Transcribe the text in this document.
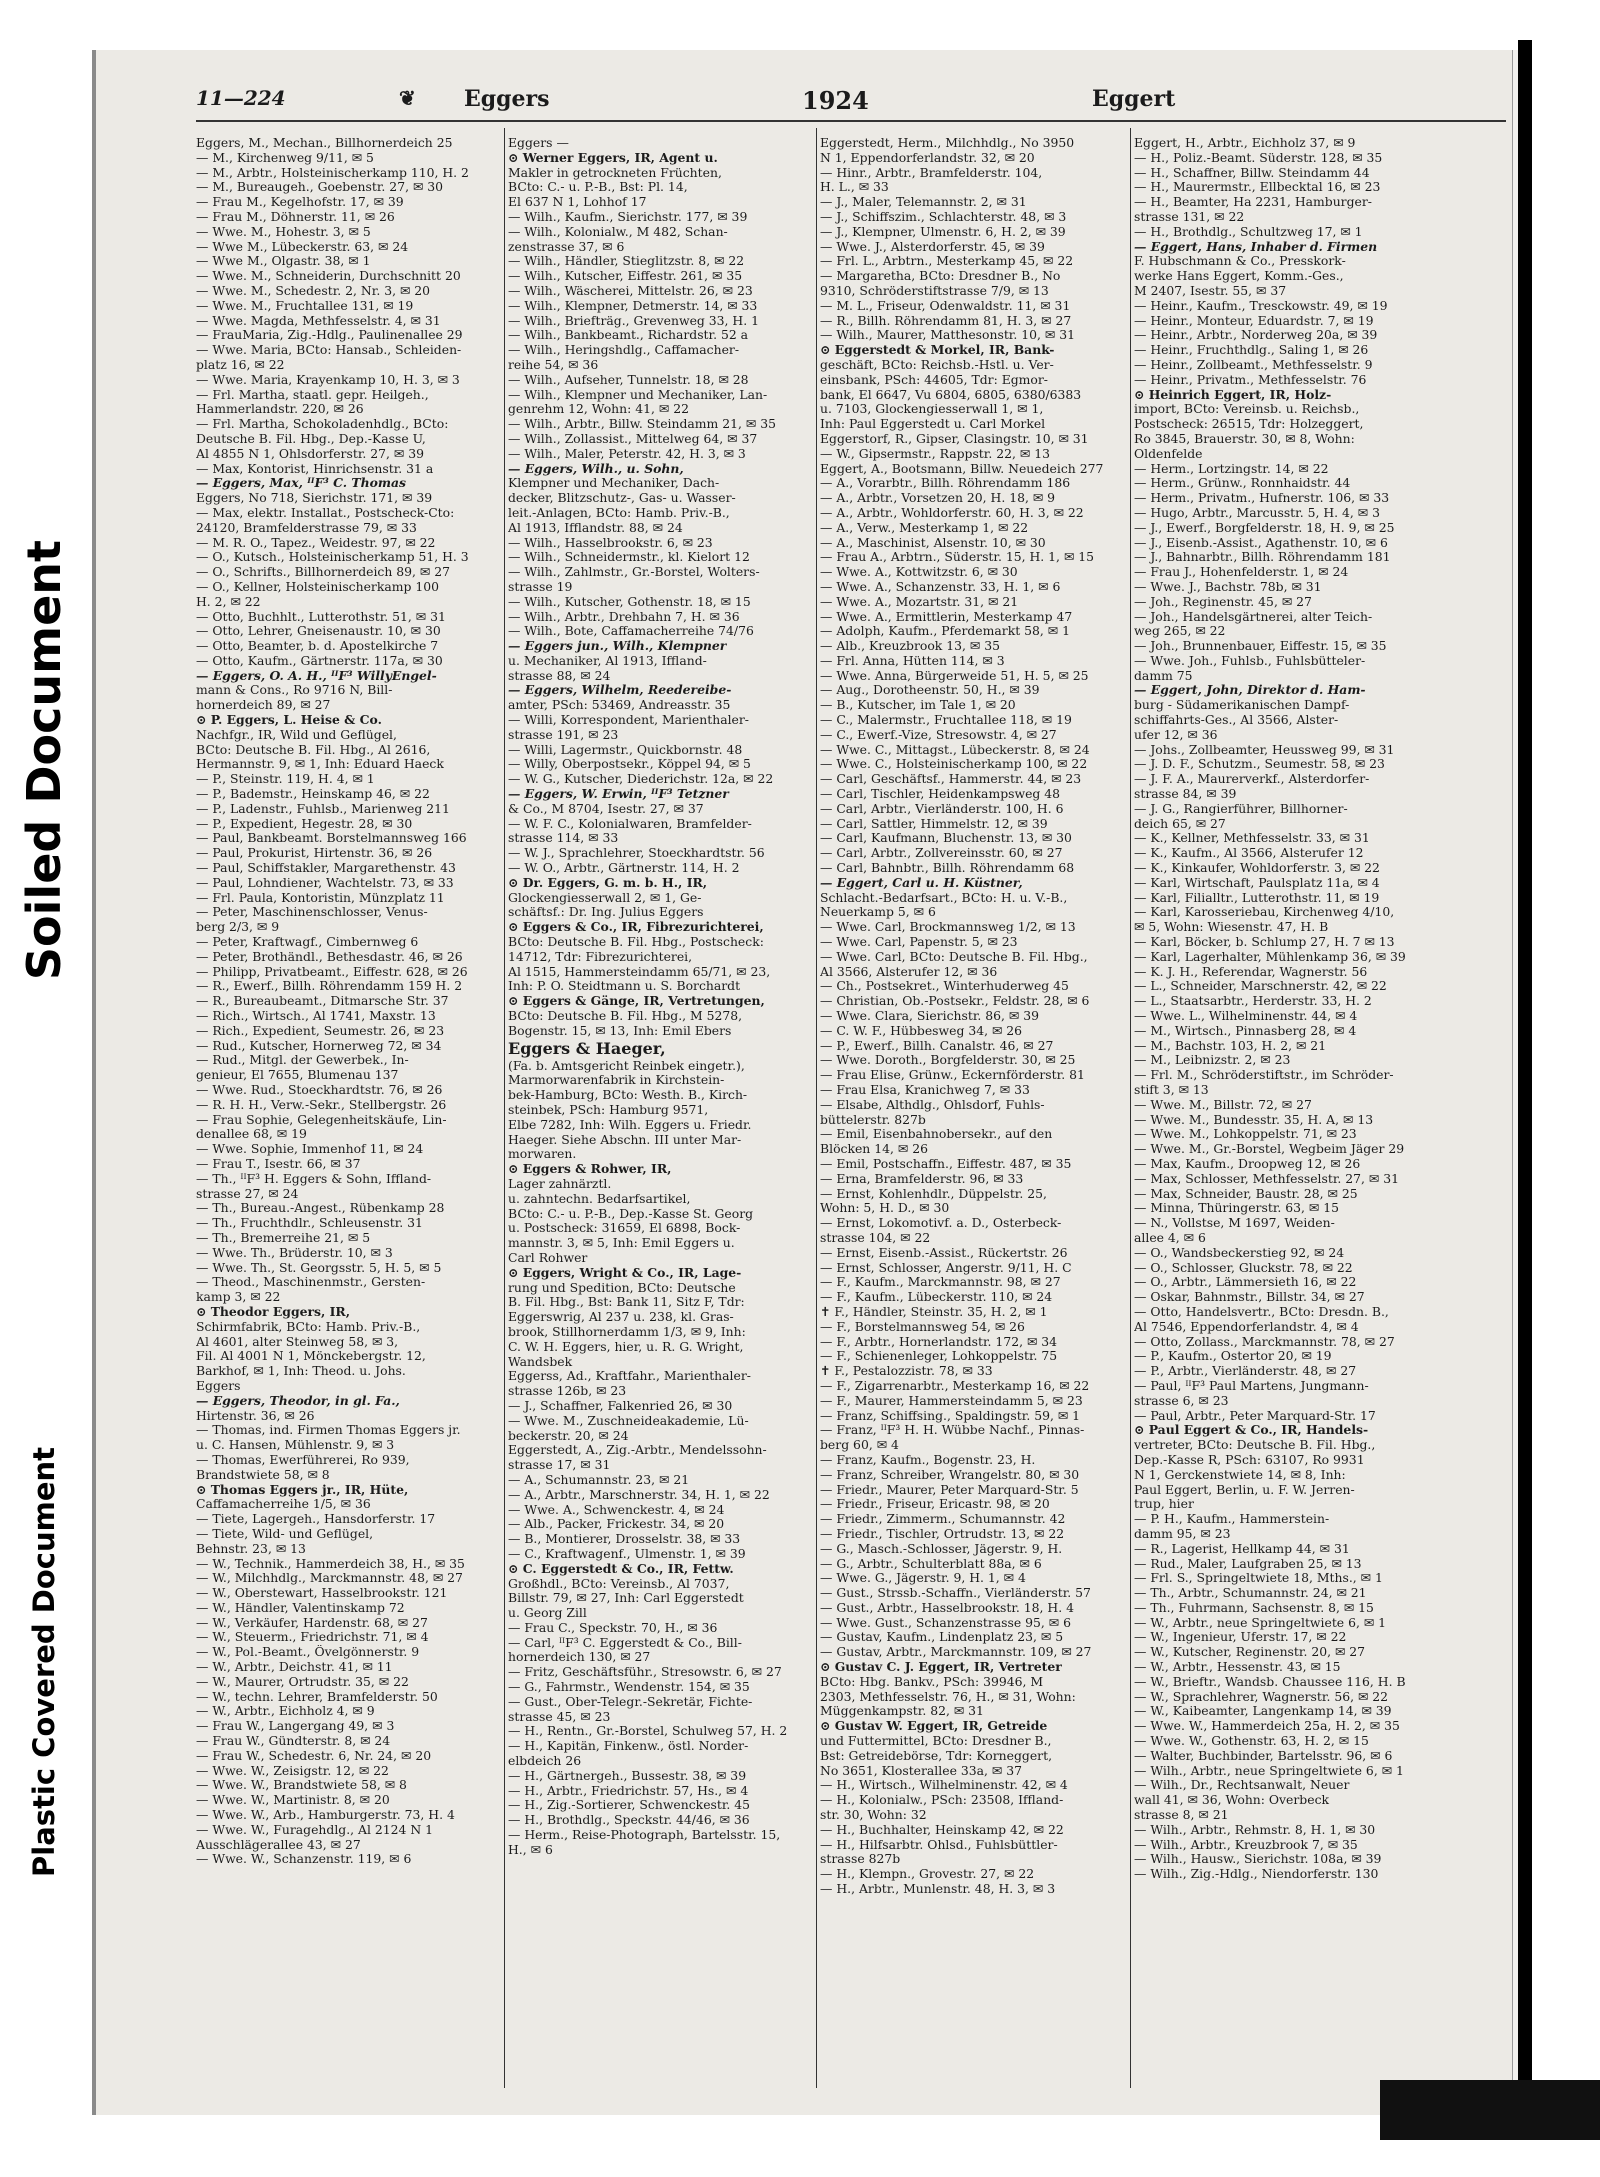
Soiled Document
Plastic Covered Document
11—224	❦ Eggers	1924	Eggert
Eggers, M., Mechan., Billhornerdeich 25
— M., Kirchenweg 9/11, ✉ 5
— M., Arbtr., Holsteinischerkamp 110, H. 2
— M., Bureaugeh., Goebenstr. 27, ✉ 30
— Frau M., Kegelhofstr. 17, ✉ 39
— Frau M., Döhnerstr. 11, ✉ 26
— Wwe. M., Hohestr. 3, ✉ 5
— Wwe M., Lübeckerstr. 63, ✉ 24
— Wwe M., Olgastr. 38, ✉ 1
— Wwe. M., Schneiderin, Durchschnitt 20
— Wwe. M., Schedestr. 2, Nr. 3, ✉ 20
— Wwe. M., Fruchtallee 131, ✉ 19
— Wwe. Magda, Methfesselstr. 4, ✉ 31
— FrauMaria, Zig.-Hdlg., Paulinenallee 29
— Wwe. Maria, BCto: Hansab., Schleiden-
platz 16, ✉ 22
— Wwe. Maria, Krayenkamp 10, H. 3, ✉ 3
— Frl. Martha, staatl. gepr. Heilgeh.,
Hammerlandstr. 220, ✉ 26
— Frl. Martha, Schokoladenhdlg., BCto:
Deutsche B. Fil. Hbg., Dep.-Kasse U,
Al 4855 N 1, Ohlsdorferstr. 27, ✉ 39
— Max, Kontorist, Hinrichsenstr. 31 a
— Eggers, Max, ᴵᴵF³ C. Thomas
Eggers, No 718, Sierichstr. 171, ✉ 39
— Max, elektr. Installat., Postscheck-Cto:
24120, Bramfelderstrasse 79, ✉ 33
— M. R. O., Tapez., Weidestr. 97, ✉ 22
— O., Kutsch., Holsteinischerkamp 51, H. 3
— O., Schrifts., Billhornerdeich 89, ✉ 27
— O., Kellner, Holsteinischerkamp 100
H. 2, ✉ 22
— Otto, Buchhlt., Lutterothstr. 51, ✉ 31
— Otto, Lehrer, Gneisenaustr. 10, ✉ 30
— Otto, Beamter, b. d. Apostelkirche 7
— Otto, Kaufm., Gärtnerstr. 117a, ✉ 30
— Eggers, O. A. H., ᴵᴵF³ WillyEngel-
mann & Cons., Ro 9716 N, Bill-
hornerdeich 89, ✉ 27
⊙ P. Eggers, L. Heise & Co.
Nachfgr., IR, Wild und Geflügel,
BCto: Deutsche B. Fil. Hbg., Al 2616,
Hermannstr. 9, ✉ 1, Inh: Eduard Haeck
— P., Steinstr. 119, H. 4, ✉ 1
— P., Bademstr., Heinskamp 46, ✉ 22
— P., Ladenstr., Fuhlsb., Marienweg 211
— P., Expedient, Hegestr. 28, ✉ 30
— Paul, Bankbeamt. Borstelmannsweg 166
— Paul, Prokurist, Hirtenstr. 36, ✉ 26
— Paul, Schiffstakler, Margarethenstr. 43
— Paul, Lohndiener, Wachtelstr. 73, ✉ 33
— Frl. Paula, Kontoristin, Münzplatz 11
— Peter, Maschinenschlosser, Venus-
berg 2/3, ✉ 9
— Peter, Kraftwagf., Cimbernweg 6
— Peter, Brothändl., Bethesdastr. 46, ✉ 26
— Philipp, Privatbeamt., Eiffestr. 628, ✉ 26
— R., Ewerf., Billh. Röhrendamm 159 H. 2
— R., Bureaubeamt., Ditmarsche Str. 37
— Rich., Wirtsch., Al 1741, Maxstr. 13
— Rich., Expedient, Seumestr. 26, ✉ 23
— Rud., Kutscher, Hornerweg 72, ✉ 34
— Rud., Mitgl. der Gewerbek., In-
genieur, El 7655, Blumenau 137
— Wwe. Rud., Stoeckhardtstr. 76, ✉ 26
— R. H. H., Verw.-Sekr., Stellbergstr. 26
— Frau Sophie, Gelegenheitskäufe, Lin-
denallee 68, ✉ 19
— Wwe. Sophie, Immenhof 11, ✉ 24
— Frau T., Isestr. 66, ✉ 37
— Th., ᴵᴵF³ H. Eggers & Sohn, Iffland-
strasse 27, ✉ 24
— Th., Bureau.-Angest., Rübenkamp 28
— Th., Fruchthdlr., Schleusenstr. 31
— Th., Bremerreihe 21, ✉ 5
— Wwe. Th., Brüderstr. 10, ✉ 3
— Wwe. Th., St. Georgsstr. 5, H. 5, ✉ 5
— Theod., Maschinenmstr., Gersten-
kamp 3, ✉ 22
⊙ Theodor Eggers, IR,
Schirmfabrik, BCto: Hamb. Priv.-B.,
Al 4601, alter Steinweg 58, ✉ 3,
Fil. Al 4001 N 1, Mönckebergstr. 12,
Barkhof, ✉ 1, Inh: Theod. u. Johs.
Eggers
— Eggers, Theodor, in gl. Fa.,
Hirtenstr. 36, ✉ 26
— Thomas, ind. Firmen Thomas Eggers jr.
u. C. Hansen, Mühlenstr. 9, ✉ 3
— Thomas, Ewerführerei, Ro 939,
Brandstwiete 58, ✉ 8
⊙ Thomas Eggers jr., IR, Hüte,
Caffamacherreihe 1/5, ✉ 36
— Tiete, Lagergeh., Hansdorferstr. 17
— Tiete, Wild- und Geflügel,
Behnstr. 23, ✉ 13
— W., Technik., Hammerdeich 38, H., ✉ 35
— W., Milchhdlg., Marckmannstr. 48, ✉ 27
— W., Oberstewart, Hasselbrookstr. 121
— W., Händler, Valentinskamp 72
— W., Verkäufer, Hardenstr. 68, ✉ 27
— W., Steuerm., Friedrichstr. 71, ✉ 4
— W., Pol.-Beamt., Övelgönnerstr. 9
— W., Arbtr., Deichstr. 41, ✉ 11
— W., Maurer, Ortrudstr. 35, ✉ 22
— W., techn. Lehrer, Bramfelderstr. 50
— W., Arbtr., Eichholz 4, ✉ 9
— Frau W., Langergang 49, ✉ 3
— Frau W., Gündterstr. 8, ✉ 24
— Frau W., Schedestr. 6, Nr. 24, ✉ 20
— Wwe. W., Zeisigstr. 12, ✉ 22
— Wwe. W., Brandstwiete 58, ✉ 8
— Wwe. W., Martinistr. 8, ✉ 20
— Wwe. W., Arb., Hamburgerstr. 73, H. 4
— Wwe. W., Furagehdlg., Al 2124 N 1
Ausschlägerallee 43, ✉ 27
— Wwe. W., Schanzenstr. 119, ✉ 6
Eggers —
⊙ Werner Eggers, IR, Agent u.
Makler in getrockneten Früchten,
BCto: C.- u. P.-B., Bst: Pl. 14,
El 637 N 1, Lohhof 17
— Wilh., Kaufm., Sierichstr. 177, ✉ 39
— Wilh., Kolonialw., M 482, Schan-
zenstrasse 37, ✉ 6
— Wilh., Händler, Stieglitzstr. 8, ✉ 22
— Wilh., Kutscher, Eiffestr. 261, ✉ 35
— Wilh., Wäscherei, Mittelstr. 26, ✉ 23
— Wilh., Klempner, Detmerstr. 14, ✉ 33
— Wilh., Briefträg., Grevenweg 33, H. 1
— Wilh., Bankbeamt., Richardstr. 52 a
— Wilh., Heringshdlg., Caffamacher-
reihe 54, ✉ 36
— Wilh., Aufseher, Tunnelstr. 18, ✉ 28
— Wilh., Klempner und Mechaniker, Lan-
genrehm 12, Wohn: 41, ✉ 22
— Wilh., Arbtr., Billw. Steindamm 21, ✉ 35
— Wilh., Zollassist., Mittelweg 64, ✉ 37
— Wilh., Maler, Peterstr. 42, H. 3, ✉ 3
— Eggers, Wilh., u. Sohn,
Klempner und Mechaniker, Dach-
decker, Blitzschutz-, Gas- u. Wasser-
leit.-Anlagen, BCto: Hamb. Priv.-B.,
Al 1913, Ifflandstr. 88, ✉ 24
— Wilh., Hasselbrookstr. 6, ✉ 23
— Wilh., Schneidermstr., kl. Kielort 12
— Wilh., Zahlmstr., Gr.-Borstel, Wolters-
strasse 19
— Wilh., Kutscher, Gothenstr. 18, ✉ 15
— Wilh., Arbtr., Drehbahn 7, H. ✉ 36
— Wilh., Bote, Caffamacherreihe 74/76
— Eggers jun., Wilh., Klempner
u. Mechaniker, Al 1913, Iffland-
strasse 88, ✉ 24
— Eggers, Wilhelm, Reedereibe-
amter, PSch: 53469, Andreasstr. 35
— Willi, Korrespondent, Marienthaler-
strasse 191, ✉ 23
— Willi, Lagermstr., Quickbornstr. 48
— Willy, Oberpostsekr., Köppel 94, ✉ 5
— W. G., Kutscher, Diederichstr. 12a, ✉ 22
— Eggers, W. Erwin, ᴵᴵF³ Tetzner
& Co., M 8704, Isestr. 27, ✉ 37
— W. F. C., Kolonialwaren, Bramfelder-
strasse 114, ✉ 33
— W. J., Sprachlehrer, Stoeckhardtstr. 56
— W. O., Arbtr., Gärtnerstr. 114, H. 2
⊙ Dr. Eggers, G. m. b. H., IR,
Glockengiesserwall 2, ✉ 1, Ge-
schäftsf.: Dr. Ing. Julius Eggers
⊙ Eggers & Co., IR, Fibrezurichterei,
BCto: Deutsche B. Fil. Hbg., Postscheck:
14712, Tdr: Fibrezurichterei,
Al 1515, Hammersteindamm 65/71, ✉ 23,
Inh: P. O. Steidtmann u. S. Borchardt
⊙ Eggers & Gänge, IR, Vertretungen,
BCto: Deutsche B. Fil. Hbg., M 5278,
Bogenstr. 15, ✉ 13, Inh: Emil Ebers
Eggers & Haeger,
(Fa. b. Amtsgericht Reinbek eingetr.),
Marmorwarenfabrik in Kirchstein-
bek-Hamburg, BCto: Westh. B., Kirch-
steinbek, PSch: Hamburg 9571,
Elbe 7282, Inh: Wilh. Eggers u. Friedr.
Haeger. Siehe Abschn. III unter Mar-
morwaren.
⊙ Eggers & Rohwer, IR,
Lager zahnärztl.
u. zahntechn. Bedarfsartikel,
BCto: C.- u. P.-B., Dep.-Kasse St. Georg
u. Postscheck: 31659, El 6898, Bock-
mannstr. 3, ✉ 5, Inh: Emil Eggers u.
Carl Rohwer
⊙ Eggers, Wright & Co., IR, Lage-
rung und Spedition, BCto: Deutsche
B. Fil. Hbg., Bst: Bank 11, Sitz F, Tdr:
Eggerswrig, Al 237 u. 238, kl. Gras-
brook, Stillhornerdamm 1/3, ✉ 9, Inh:
C. W. H. Eggers, hier, u. R. G. Wright,
Wandsbek
Eggerss, Ad., Kraftfahr., Marienthaler-
strasse 126b, ✉ 23
— J., Schaffner, Falkenried 26, ✉ 30
— Wwe. M., Zuschneideakademie, Lü-
beckerstr. 20, ✉ 24
Eggerstedt, A., Zig.-Arbtr., Mendelssohn-
strasse 17, ✉ 31
— A., Schumannstr. 23, ✉ 21
— A., Arbtr., Marschnerstr. 34, H. 1, ✉ 22
— Wwe. A., Schwenckestr. 4, ✉ 24
— Alb., Packer, Frickestr. 34, ✉ 20
— B., Montierer, Drosselstr. 38, ✉ 33
— C., Kraftwagenf., Ulmenstr. 1, ✉ 39
⊙ C. Eggerstedt & Co., IR, Fettw.
Großhdl., BCto: Vereinsb., Al 7037,
Billstr. 79, ✉ 27, Inh: Carl Eggerstedt
u. Georg Zill
— Frau C., Speckstr. 70, H., ✉ 36
— Carl, ᴵᴵF³ C. Eggerstedt & Co., Bill-
hornerdeich 130, ✉ 27
— Fritz, Geschäftsführ., Stresowstr. 6, ✉ 27
— G., Fahrmstr., Wendenstr. 154, ✉ 35
— Gust., Ober-Telegr.-Sekretär, Fichte-
strasse 45, ✉ 23
— H., Rentn., Gr.-Borstel, Schulweg 57, H. 2
— H., Kapitän, Finkenw., östl. Norder-
elbdeich 26
— H., Gärtnergeh., Bussestr. 38, ✉ 39
— H., Arbtr., Friedrichstr. 57, Hs., ✉ 4
— H., Zig.-Sortierer, Schwenckestr. 45
— H., Brothdlg., Speckstr. 44/46, ✉ 36
— Herm., Reise-Photograph, Bartelsstr. 15,
H., ✉ 6
Eggerstedt, Herm., Milchhdlg., No 3950
N 1, Eppendorferlandstr. 32, ✉ 20
— Hinr., Arbtr., Bramfelderstr. 104,
H. L., ✉ 33
— J., Maler, Telemannstr. 2, ✉ 31
— J., Schiffszim., Schlachterstr. 48, ✉ 3
— J., Klempner, Ulmenstr. 6, H. 2, ✉ 39
— Wwe. J., Alsterdorferstr. 45, ✉ 39
— Frl. L., Arbtrn., Mesterkamp 45, ✉ 22
— Margaretha, BCto: Dresdner B., No
9310, Schröderstiftstrasse 7/9, ✉ 13
— M. L., Friseur, Odenwaldstr. 11, ✉ 31
— R., Billh. Röhrendamm 81, H. 3, ✉ 27
— Wilh., Maurer, Matthesonstr. 10, ✉ 31
⊙ Eggerstedt & Morkel, IR, Bank-
geschäft, BCto: Reichsb.-Hstl. u. Ver-
einsbank, PSch: 44605, Tdr: Egmor-
bank, El 6647, Vu 6804, 6805, 6380/6383
u. 7103, Glockengiesserwall 1, ✉ 1,
Inh: Paul Eggerstedt u. Carl Morkel
Eggerstorf, R., Gipser, Clasingstr. 10, ✉ 31
— W., Gipsermstr., Rappstr. 22, ✉ 13
Eggert, A., Bootsmann, Billw. Neuedeich 277
— A., Vorarbtr., Billh. Röhrendamm 186
— A., Arbtr., Vorsetzen 20, H. 18, ✉ 9
— A., Arbtr., Wohldorferstr. 60, H. 3, ✉ 22
— A., Verw., Mesterkamp 1, ✉ 22
— A., Maschinist, Alsenstr. 10, ✉ 30
— Frau A., Arbtrn., Süderstr. 15, H. 1, ✉ 15
— Wwe. A., Kottwitzstr. 6, ✉ 30
— Wwe. A., Schanzenstr. 33, H. 1, ✉ 6
— Wwe. A., Mozartstr. 31, ✉ 21
— Wwe. A., Ermittlerin, Mesterkamp 47
— Adolph, Kaufm., Pferdemarkt 58, ✉ 1
— Alb., Kreuzbrook 13, ✉ 35
— Frl. Anna, Hütten 114, ✉ 3
— Wwe. Anna, Bürgerweide 51, H. 5, ✉ 25
— Aug., Dorotheenstr. 50, H., ✉ 39
— B., Kutscher, im Tale 1, ✉ 20
— C., Malermstr., Fruchtallee 118, ✉ 19
— C., Ewerf.-Vize, Stresowstr. 4, ✉ 27
— Wwe. C., Mittagst., Lübeckerstr. 8, ✉ 24
— Wwe. C., Holsteinischerkamp 100, ✉ 22
— Carl, Geschäftsf., Hammerstr. 44, ✉ 23
— Carl, Tischler, Heidenkampsweg 48
— Carl, Arbtr., Vierländerstr. 100, H. 6
— Carl, Sattler, Himmelstr. 12, ✉ 39
— Carl, Kaufmann, Bluchenstr. 13, ✉ 30
— Carl, Arbtr., Zollvereinsstr. 60, ✉ 27
— Carl, Bahnbtr., Billh. Röhrendamm 68
— Eggert, Carl u. H. Küstner,
Schlacht.-Bedarfsart., BCto: H. u. V.-B.,
Neuerkamp 5, ✉ 6
— Wwe. Carl, Brockmannsweg 1/2, ✉ 13
— Wwe. Carl, Papenstr. 5, ✉ 23
— Wwe. Carl, BCto: Deutsche B. Fil. Hbg.,
Al 3566, Alsterufer 12, ✉ 36
— Ch., Postsekret., Winterhuderweg 45
— Christian, Ob.-Postsekr., Feldstr. 28, ✉ 6
— Wwe. Clara, Sierichstr. 86, ✉ 39
— C. W. F., Hübbesweg 34, ✉ 26
— P., Ewerf., Billh. Canalstr. 46, ✉ 27
— Wwe. Doroth., Borgfelderstr. 30, ✉ 25
— Frau Elise, Grünw., Eckernförderstr. 81
— Frau Elsa, Kranichweg 7, ✉ 33
— Elsabe, Althdlg., Ohlsdorf, Fuhls-
büttelerstr. 827b
— Emil, Eisenbahnobersekr., auf den
Blöcken 14, ✉ 26
— Emil, Postschaffn., Eiffestr. 487, ✉ 35
— Erna, Bramfelderstr. 96, ✉ 33
— Ernst, Kohlenhdlr., Düppelstr. 25,
Wohn: 5, H. D., ✉ 30
— Ernst, Lokomotivf. a. D., Osterbeck-
strasse 104, ✉ 22
— Ernst, Eisenb.-Assist., Rückertstr. 26
— Ernst, Schlosser, Angerstr. 9/11, H. C
— F., Kaufm., Marckmannstr. 98, ✉ 27
— F., Kaufm., Lübeckerstr. 110, ✉ 24
✝ F., Händler, Steinstr. 35, H. 2, ✉ 1
— F., Borstelmannsweg 54, ✉ 26
— F., Arbtr., Hornerlandstr. 172, ✉ 34
— F., Schienenleger, Lohkoppelstr. 75
✝ F., Pestalozzistr. 78, ✉ 33
— F., Zigarrenarbtr., Mesterkamp 16, ✉ 22
— F., Maurer, Hammersteindamm 5, ✉ 23
— Franz, Schiffsing., Spaldingstr. 59, ✉ 1
— Franz, ᴵᴵF³ H. H. Wübbe Nachf., Pinnas-
berg 60, ✉ 4
— Franz, Kaufm., Bogenstr. 23, H.
— Franz, Schreiber, Wrangelstr. 80, ✉ 30
— Friedr., Maurer, Peter Marquard-Str. 5
— Friedr., Friseur, Ericastr. 98, ✉ 20
— Friedr., Zimmerm., Schumannstr. 42
— Friedr., Tischler, Ortrudstr. 13, ✉ 22
— G., Masch.-Schlosser, Jägerstr. 9, H.
— G., Arbtr., Schulterblatt 88a, ✉ 6
— Wwe. G., Jägerstr. 9, H. 1, ✉ 4
— Gust., Strssb.-Schaffn., Vierländerstr. 57
— Gust., Arbtr., Hasselbrookstr. 18, H. 4
— Wwe. Gust., Schanzenstrasse 95, ✉ 6
— Gustav, Kaufm., Lindenplatz 23, ✉ 5
— Gustav, Arbtr., Marckmannstr. 109, ✉ 27
⊙ Gustav C. J. Eggert, IR, Vertreter
BCto: Hbg. Bankv., PSch: 39946, M
2303, Methfesselstr. 76, H., ✉ 31, Wohn:
Müggenkampstr. 82, ✉ 31
⊙ Gustav W. Eggert, IR, Getreide
und Futtermittel, BCto: Dresdner B.,
Bst: Getreidebörse, Tdr: Korneggert,
No 3651, Klosterallee 33a, ✉ 37
— H., Wirtsch., Wilhelminenstr. 42, ✉ 4
— H., Kolonialw., PSch: 23508, Iffland-
str. 30, Wohn: 32
— H., Buchhalter, Heinskamp 42, ✉ 22
— H., Hilfsarbtr. Ohlsd., Fuhlsbüttler-
strasse 827b
— H., Klempn., Grovestr. 27, ✉ 22
— H., Arbtr., Munlenstr. 48, H. 3, ✉ 3
Eggert, H., Arbtr., Eichholz 37, ✉ 9
— H., Poliz.-Beamt. Süderstr. 128, ✉ 35
— H., Schaffner, Billw. Steindamm 44
— H., Maurermstr., Ellbecktal 16, ✉ 23
— H., Beamter, Ha 2231, Hamburger-
strasse 131, ✉ 22
— H., Brothdlg., Schultzweg 17, ✉ 1
— Eggert, Hans, Inhaber d. Firmen
F. Hubschmann & Co., Presskork-
werke Hans Eggert, Komm.-Ges.,
M 2407, Isestr. 55, ✉ 37
— Heinr., Kaufm., Tresckowstr. 49, ✉ 19
— Heinr., Monteur, Eduardstr. 7, ✉ 19
— Heinr., Arbtr., Norderweg 20a, ✉ 39
— Heinr., Fruchthdlg., Saling 1, ✉ 26
— Heinr., Zollbeamt., Methfesselstr. 9
— Heinr., Privatm., Methfesselstr. 76
⊙ Heinrich Eggert, IR, Holz-
import, BCto: Vereinsb. u. Reichsb.,
Postscheck: 26515, Tdr: Holzeggert,
Ro 3845, Brauerstr. 30, ✉ 8, Wohn:
Oldenfelde
— Herm., Lortzingstr. 14, ✉ 22
— Herm., Grünw., Ronnhaidstr. 44
— Herm., Privatm., Hufnerstr. 106, ✉ 33
— Hugo, Arbtr., Marcusstr. 5, H. 4, ✉ 3
— J., Ewerf., Borgfelderstr. 18, H. 9, ✉ 25
— J., Eisenb.-Assist., Agathenstr. 10, ✉ 6
— J., Bahnarbtr., Billh. Röhrendamm 181
— Frau J., Hohenfelderstr. 1, ✉ 24
— Wwe. J., Bachstr. 78b, ✉ 31
— Joh., Reginenstr. 45, ✉ 27
— Joh., Handelsgärtnerei, alter Teich-
weg 265, ✉ 22
— Joh., Brunnenbauer, Eiffestr. 15, ✉ 35
— Wwe. Joh., Fuhlsb., Fuhlsbütteler-
damm 75
— Eggert, John, Direktor d. Ham-
burg - Südamerikanischen Dampf-
schiffahrts-Ges., Al 3566, Alster-
ufer 12, ✉ 36
— Johs., Zollbeamter, Heussweg 99, ✉ 31
— J. D. F., Schutzm., Seumestr. 58, ✉ 23
— J. F. A., Maurerverkf., Alsterdorfer-
strasse 84, ✉ 39
— J. G., Rangierführer, Billhorner-
deich 65, ✉ 27
— K., Kellner, Methfesselstr. 33, ✉ 31
— K., Kaufm., Al 3566, Alsterufer 12
— K., Kinkaufer, Wohldorferstr. 3, ✉ 22
— Karl, Wirtschaft, Paulsplatz 11a, ✉ 4
— Karl, Filialltr., Lutterothstr. 11, ✉ 19
— Karl, Karosseriebau, Kirchenweg 4/10,
✉ 5, Wohn: Wiesenstr. 47, H. B
— Karl, Böcker, b. Schlump 27, H. 7 ✉ 13
— Karl, Lagerhalter, Mühlenkamp 36, ✉ 39
— K. J. H., Referendar, Wagnerstr. 56
— L., Schneider, Marschnerstr. 42, ✉ 22
— L., Staatsarbtr., Herderstr. 33, H. 2
— Wwe. L., Wilhelminenstr. 44, ✉ 4
— M., Wirtsch., Pinnasberg 28, ✉ 4
— M., Bachstr. 103, H. 2, ✉ 21
— M., Leibnizstr. 2, ✉ 23
— Frl. M., Schröderstiftstr., im Schröder-
stift 3, ✉ 13
— Wwe. M., Billstr. 72, ✉ 27
— Wwe. M., Bundesstr. 35, H. A, ✉ 13
— Wwe. M., Lohkoppelstr. 71, ✉ 23
— Wwe. M., Gr.-Borstel, Wegbeim Jäger 29
— Max, Kaufm., Droopweg 12, ✉ 26
— Max, Schlosser, Methfesselstr. 27, ✉ 31
— Max, Schneider, Baustr. 28, ✉ 25
— Minna, Thüringerstr. 63, ✉ 15
— N., Vollstse, M 1697, Weiden-
allee 4, ✉ 6
— O., Wandsbeckerstieg 92, ✉ 24
— O., Schlosser, Gluckstr. 78, ✉ 22
— O., Arbtr., Lämmersieth 16, ✉ 22
— Oskar, Bahnmstr., Billstr. 34, ✉ 27
— Otto, Handelsvertr., BCto: Dresdn. B.,
Al 7546, Eppendorferlandstr. 4, ✉ 4
— Otto, Zollass., Marckmannstr. 78, ✉ 27
— P., Kaufm., Ostertor 20, ✉ 19
— P., Arbtr., Vierländerstr. 48, ✉ 27
— Paul, ᴵᴵF³ Paul Martens, Jungmann-
strasse 6, ✉ 23
— Paul, Arbtr., Peter Marquard-Str. 17
⊙ Paul Eggert & Co., IR, Handels-
vertreter, BCto: Deutsche B. Fil. Hbg.,
Dep.-Kasse R, PSch: 63107, Ro 9931
N 1, Gerckenstwiete 14, ✉ 8, Inh:
Paul Eggert, Berlin, u. F. W. Jerren-
trup, hier
— P. H., Kaufm., Hammerstein-
damm 95, ✉ 23
— R., Lagerist, Hellkamp 44, ✉ 31
— Rud., Maler, Laufgraben 25, ✉ 13
— Frl. S., Springeltwiete 18, Mths., ✉ 1
— Th., Arbtr., Schumannstr. 24, ✉ 21
— Th., Fuhrmann, Sachsenstr. 8, ✉ 15
— W., Arbtr., neue Springeltwiete 6, ✉ 1
— W., Ingenieur, Uferstr. 17, ✉ 22
— W., Kutscher, Reginenstr. 20, ✉ 27
— W., Arbtr., Hessenstr. 43, ✉ 15
— W., Brieftr., Wandsb. Chaussee 116, H. B
— W., Sprachlehrer, Wagnerstr. 56, ✉ 22
— W., Kaibeamter, Langenkamp 14, ✉ 39
— Wwe. W., Hammerdeich 25a, H. 2, ✉ 35
— Wwe. W., Gothenstr. 63, H. 2, ✉ 15
— Walter, Buchbinder, Bartelsstr. 96, ✉ 6
— Wilh., Arbtr., neue Springeltwiete 6, ✉ 1
— Wilh., Dr., Rechtsanwalt, Neuer
wall 41, ✉ 36, Wohn: Overbeck
strasse 8, ✉ 21
— Wilh., Arbtr., Rehmstr. 8, H. 1, ✉ 30
— Wilh., Arbtr., Kreuzbrook 7, ✉ 35
— Wilh., Hausw., Sierichstr. 108a, ✉ 39
— Wilh., Zig.-Hdlg., Niendorferstr. 130
